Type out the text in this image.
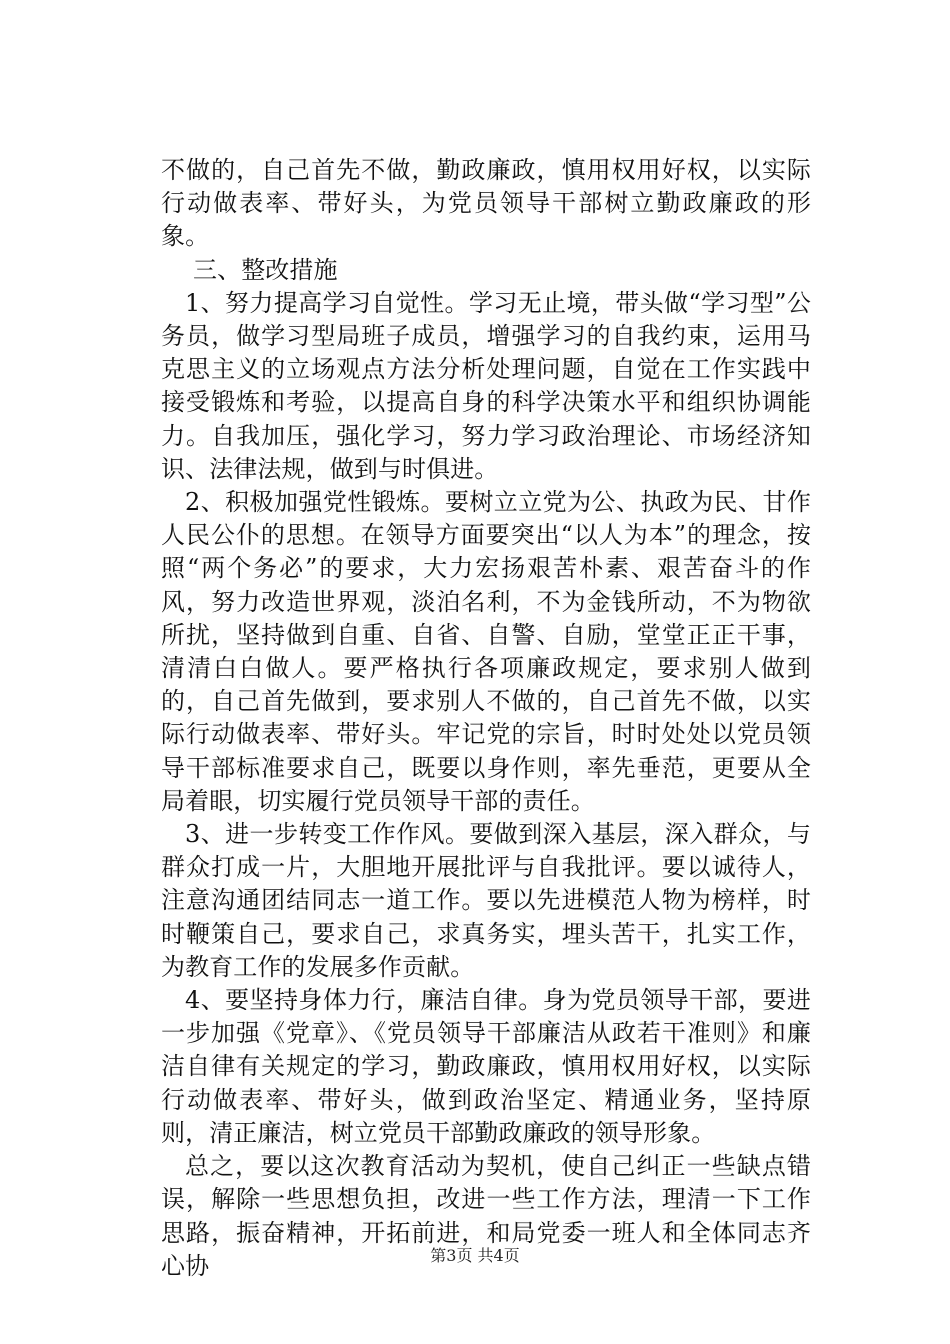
不做的，自己首先不做，勤政廉政，慎用权用好权，以实际行动做表率、带好头，为党员领导干部树立勤政廉政的形象。

三、整改措施

1、努力提高学习自觉性。学习无止境，带头做“学习型”公务员，做学习型局班子成员，增强学习的自我约束，运用马克思主义的立场观点方法分析处理问题，自觉在工作实践中接受锻炼和考验，以提高自身的科学决策水平和组织协调能力。自我加压，强化学习，努力学习政治理论、市场经济知识、法律法规，做到与时俱进。

2、积极加强党性锻炼。要树立立党为公、执政为民、甘作人民公仆的思想。在领导方面要突出“以人为本”的理念，按照“两个务必”的要求，大力宏扬艰苦朴素、艰苦奋斗的作风，努力改造世界观，淡泊名利，不为金钱所动，不为物欲所扰，坚持做到自重、自省、自警、自励，堂堂正正干事，清清白白做人。要严格执行各项廉政规定，要求别人做到的，自己首先做到，要求别人不做的，自己首先不做，以实际行动做表率、带好头。牢记党的宗旨，时时处处以党员领导干部标准要求自己，既要以身作则，率先垂范，更要从全局着眼，切实履行党员领导干部的责任。

3、进一步转变工作作风。要做到深入基层，深入群众，与群众打成一片，大胆地开展批评与自我批评。要以诚待人，注意沟通团结同志一道工作。要以先进模范人物为榜样，时时鞭策自己，要求自己，求真务实，埋头苦干，扎实工作，为教育工作的发展多作贡献。

4、要坚持身体力行，廉洁自律。身为党员领导干部，要进一步加强《党章》、《党员领导干部廉洁从政若干准则》和廉洁自律有关规定的学习，勤政廉政，慎用权用好权，以实际行动做表率、带好头，做到政治坚定、精通业务，坚持原则，清正廉洁，树立党员干部勤政廉政的领导形象。

总之，要以这次教育活动为契机，使自己纠正一些缺点错误，解除一些思想负担，改进一些工作方法，理清一下工作思路，振奋精神，开拓前进，和局党委一班人和全体同志齐心协	第3页 共4页
